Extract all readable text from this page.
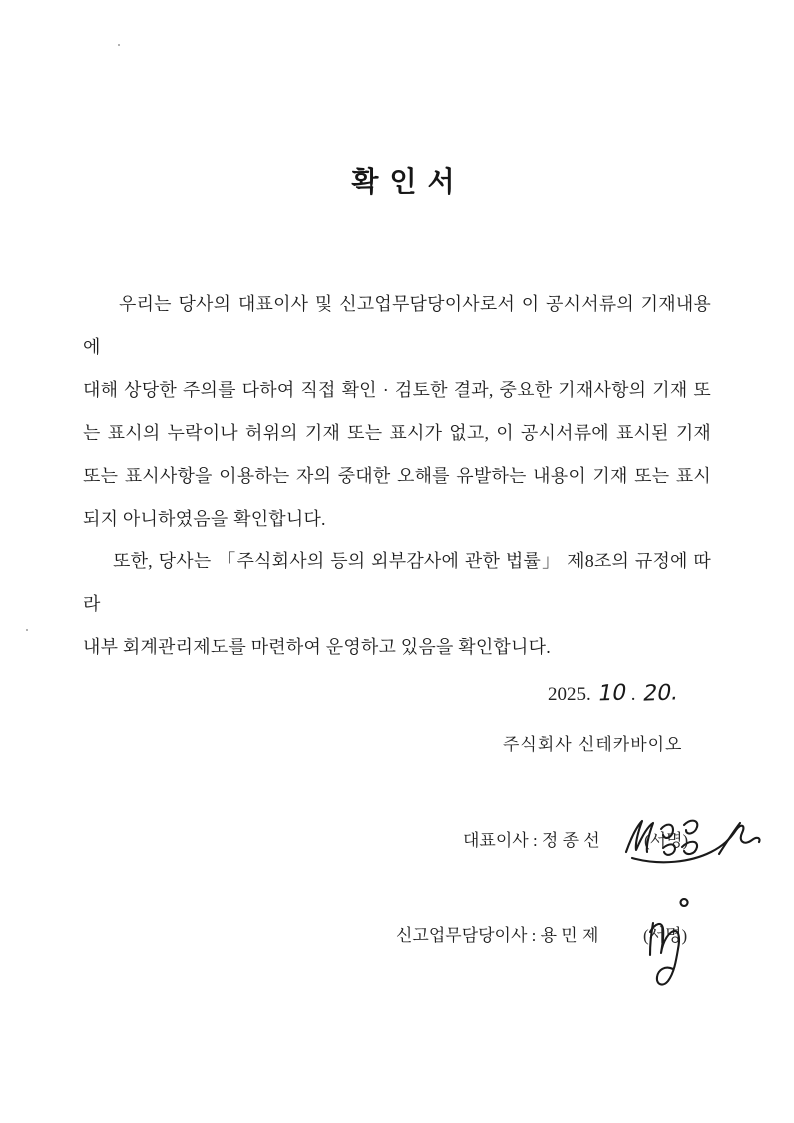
확 인 서
우리는 당사의 대표이사 및 신고업무담당이사로서 이 공시서류의 기재내용에
대해 상당한 주의를 다하여 직접 확인 · 검토한 결과, 중요한 기재사항의 기재 또
는 표시의 누락이나 허위의 기재 또는 표시가 없고, 이 공시서류에 표시된 기재
또는 표시사항을 이용하는 자의 중대한 오해를 유발하는 내용이 기재 또는 표시
되지 아니하였음을 확인합니다.
또한, 당사는 「주식회사의 등의 외부감사에 관한 법률」 제8조의 규정에 따라
내부 회계관리제도를 마련하여 운영하고 있음을 확인합니다.
2025. 10 . 20.
주식회사 신테카바이오
대표이사 : 정 종 선	(서명)
신고업무담당이사 : 용 민 제	(서명)
